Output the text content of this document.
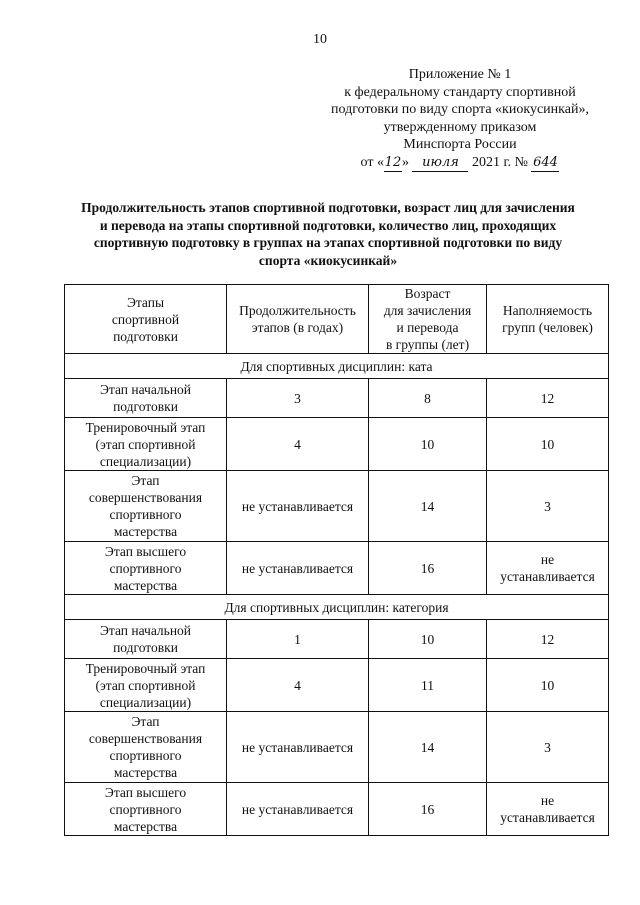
10
Приложение № 1
к федеральному стандарту спортивной
подготовки по виду спорта «киокусинкай»,
утвержденному приказом
Минспорта России
от «12» июля 2021 г. № 644
Продолжительность этапов спортивной подготовки, возраст лиц для зачисления и перевода на этапы спортивной подготовки, количество лиц, проходящих спортивную подготовку в группах на этапах спортивной подготовки по виду спорта «киокусинкай»
Этапы
спортивной
подготовки	Продолжительность
этапов (в годах)	Возраст
для зачисления
и перевода
в группы (лет)	Наполняемость
групп (человек)

Для спортивных дисциплин: ката			

Этап начальной
подготовки	3	8	12

Тренировочный этап
(этап спортивной
специализации)	4	10	10

Этап
совершенствования
спортивного
мастерства	не устанавливается	14	3

Этап высшего
спортивного
мастерства	не устанавливается	16	не
устанавливается

Для спортивных дисциплин: категория			

Этап начальной
подготовки	1	10	12

Тренировочный этап
(этап спортивной
специализации)	4	11	10

Этап
совершенствования
спортивного
мастерства	не устанавливается	14	3

Этап высшего
спортивного
мастерства	не устанавливается	16	не
устанавливается
